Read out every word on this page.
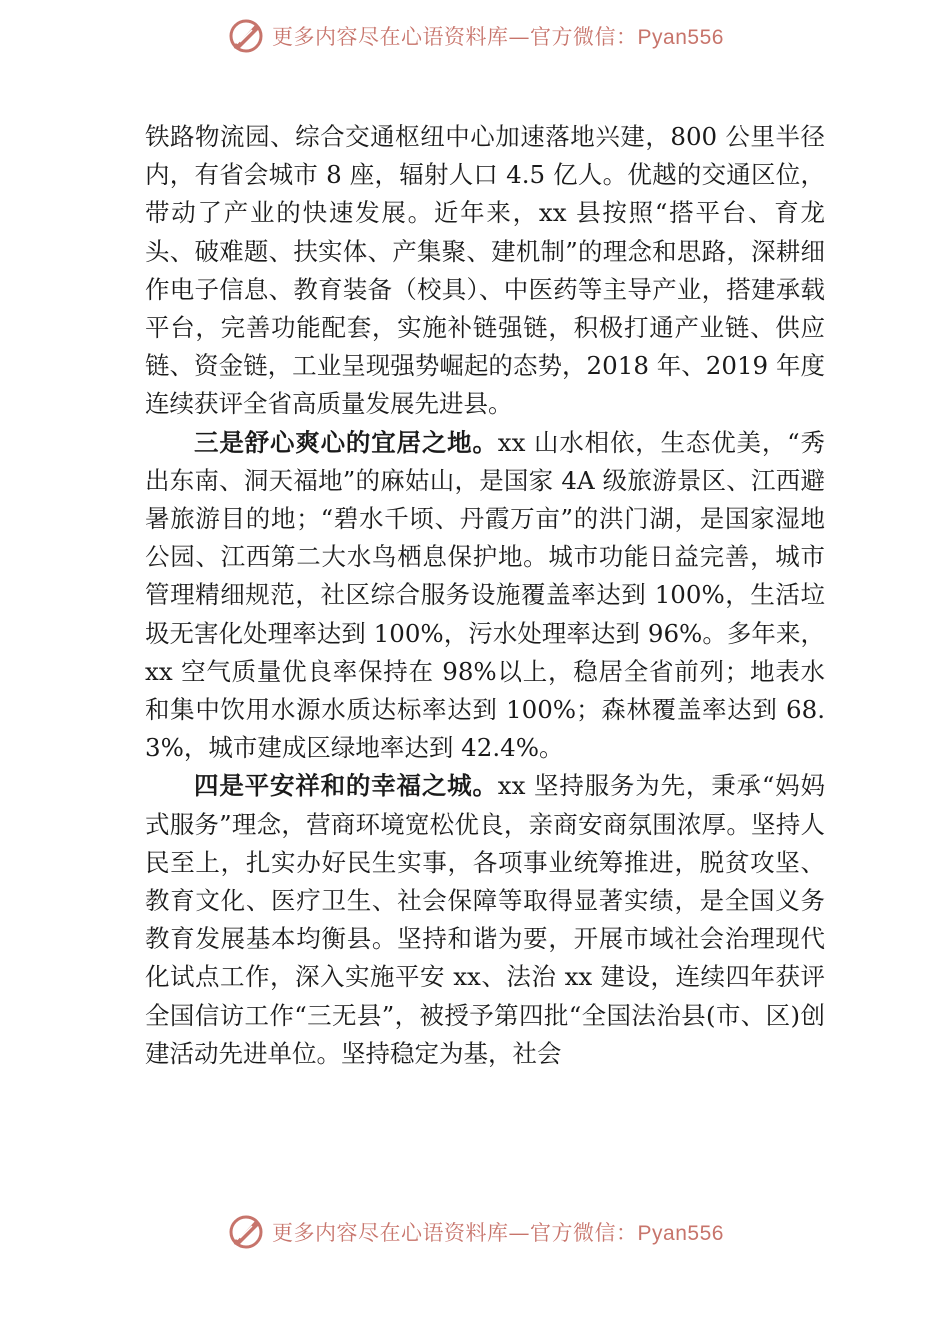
更多内容尽在心语资料库—官方微信：Pyan556

铁路物流园、综合交通枢纽中心加速落地兴建，800 公里半径内，有省会城市 8 座，辐射人口 4.5 亿人。优越的交通区位，带动了产业的快速发展。近年来，xx 县按照“搭平台、育龙头、破难题、扶实体、产集聚、建机制”的理念和思路，深耕细作电子信息、教育装备（校具）、中医药等主导产业，搭建承载平台，完善功能配套，实施补链强链，积极打通产业链、供应链、资金链，工业呈现强势崛起的态势，2018 年、2019 年度连续获评全省高质量发展先进县。

三是舒心爽心的宜居之地。xx 山水相依，生态优美，“秀出东南、洞天福地”的麻姑山，是国家 4A 级旅游景区、江西避暑旅游目的地；“碧水千顷、丹霞万亩”的洪门湖，是国家湿地公园、江西第二大水鸟栖息保护地。城市功能日益完善，城市管理精细规范，社区综合服务设施覆盖率达到 100%，生活垃圾无害化处理率达到 100%，污水处理率达到 96%。多年来，xx 空气质量优良率保持在 98%以上，稳居全省前列；地表水和集中饮用水源水质达标率达到 100%；森林覆盖率达到 68.3%，城市建成区绿地率达到 42.4%。

四是平安祥和的幸福之城。xx 坚持服务为先，秉承“妈妈式服务”理念，营商环境宽松优良，亲商安商氛围浓厚。坚持人民至上，扎实办好民生实事，各项事业统筹推进，脱贫攻坚、教育文化、医疗卫生、社会保障等取得显著实绩，是全国义务教育发展基本均衡县。坚持和谐为要，开展市域社会治理现代化试点工作，深入实施平安 xx、法治 xx 建设，连续四年获评全国信访工作“三无县”，被授予第四批“全国法治县(市、区)创建活动先进单位。坚持稳定为基，社会

更多内容尽在心语资料库—官方微信：Pyan556
